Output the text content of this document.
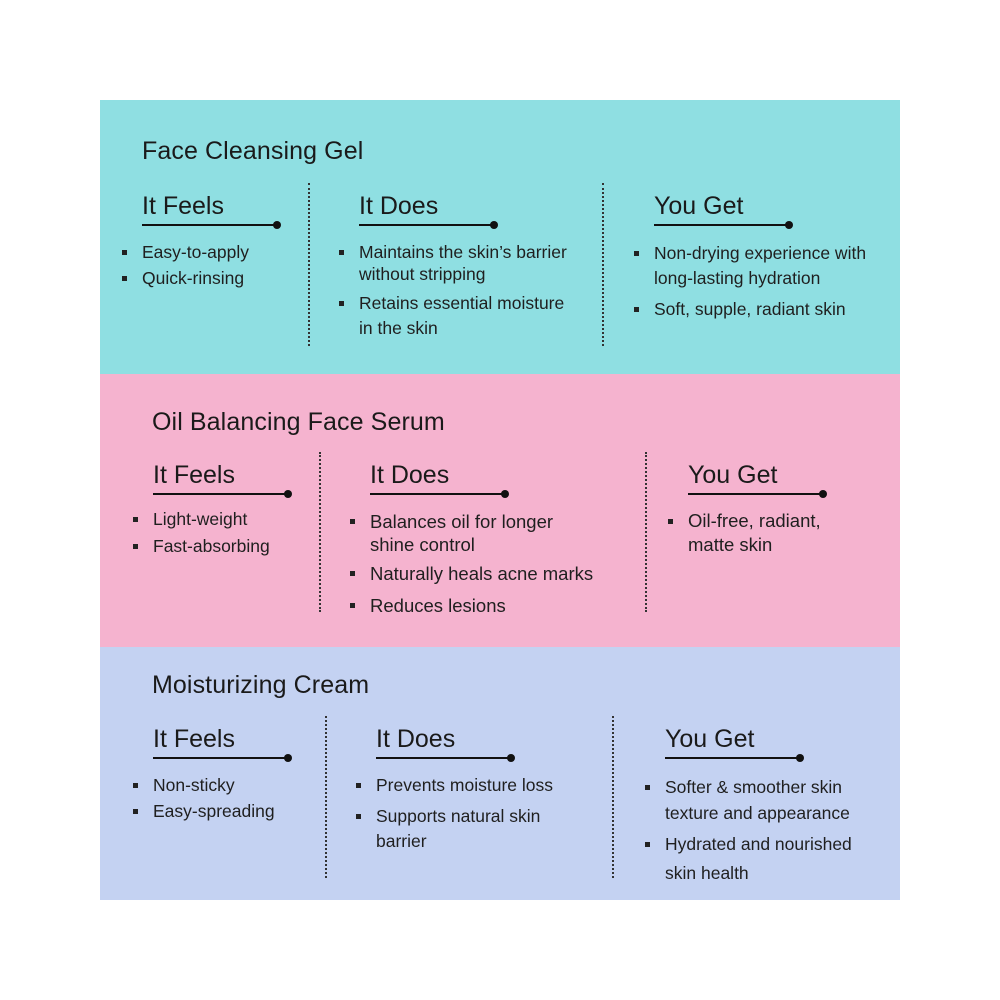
Face Cleansing Gel
It Feels
Easy-to-apply
Quick-rinsing
It Does
Maintains the skin’s barrier without stripping
Retains essential moisture in the skin
You Get
Non-drying experience with long-lasting hydration
Soft, supple, radiant skin
Oil Balancing Face Serum
It Feels
Light-weight
Fast-absorbing
It Does
Balances oil for longer shine control
Naturally heals acne marks
Reduces lesions
You Get
Oil-free, radiant, matte skin
Moisturizing Cream
It Feels
Non-sticky
Easy-spreading
It Does
Prevents moisture loss
Supports natural skin barrier
You Get
Softer & smoother skin texture and appearance
Hydrated and nourished skin health
